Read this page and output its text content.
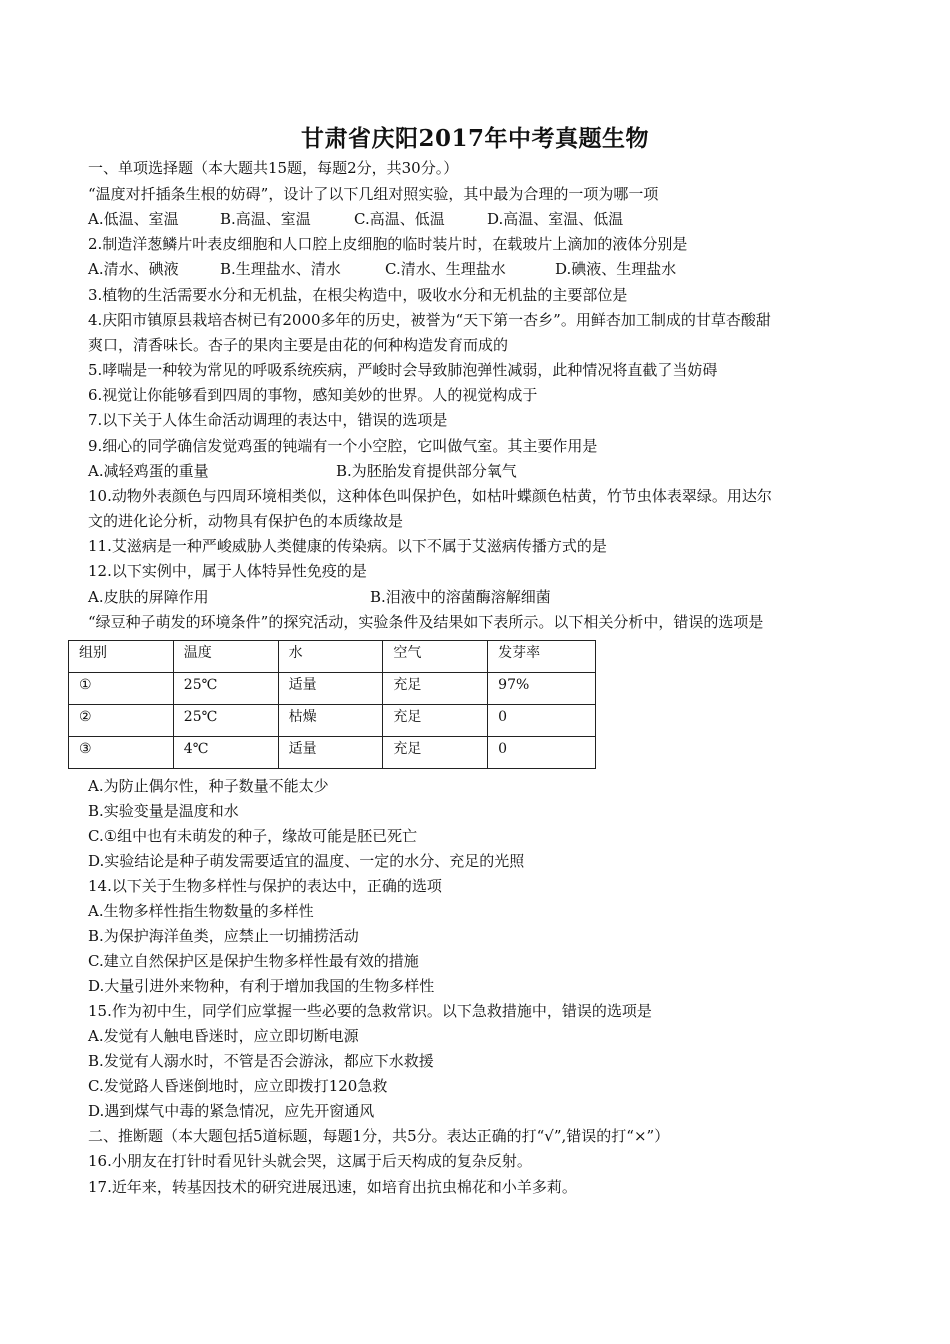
甘肃省庆阳2017年中考真题生物
一、单项选择题（本大题共15题，每题2分，共30分。）
“温度对扦插条生根的妨碍”，设计了以下几组对照实验，其中最为合理的一项为哪一项
A.低温、室温	B.高温、室温	C.高温、低温	D.高温、室温、低温
2.制造洋葱鳞片叶表皮细胞和人口腔上皮细胞的临时装片时，在载玻片上滴加的液体分别是
A.清水、碘液	B.生理盐水、清水	C.清水、生理盐水	D.碘液、生理盐水
3.植物的生活需要水分和无机盐，在根尖构造中，吸收水分和无机盐的主要部位是
4.庆阳市镇原县栽培杏树已有2000多年的历史，被誉为“天下第一杏乡”。用鲜杏加工制成的甘草杏酸甜
爽口，清香味长。杏子的果肉主要是由花的何种构造发育而成的
5.哮喘是一种较为常见的呼吸系统疾病，严峻时会导致肺泡弹性减弱，此种情况将直截了当妨碍
6.视觉让你能够看到四周的事物，感知美妙的世界。人的视觉构成于
7.以下关于人体生命活动调理的表达中，错误的选项是
9.细心的同学确信发觉鸡蛋的钝端有一个小空腔，它叫做气室。其主要作用是
A.减轻鸡蛋的重量	B.为胚胎发育提供部分氧气
10.动物外表颜色与四周环境相类似，这种体色叫保护色，如枯叶蝶颜色枯黄，竹节虫体表翠绿。用达尔
文的进化论分析，动物具有保护色的本质缘故是
11.艾滋病是一种严峻威胁人类健康的传染病。以下不属于艾滋病传播方式的是
12.以下实例中，属于人体特异性免疫的是
A.皮肤的屏障作用	B.泪液中的溶菌酶溶解细菌
“绿豆种子萌发的环境条件”的探究活动，实验条件及结果如下表所示。以下相关分析中，错误的选项是
组别	温度	水	空气	发芽率
①	25℃	适量	充足	97%
②	25℃	枯燥	充足	0
③	4℃	适量	充足	0
A.为防止偶尔性，种子数量不能太少
B.实验变量是温度和水
C.①组中也有未萌发的种子，缘故可能是胚已死亡
D.实验结论是种子萌发需要适宜的温度、一定的水分、充足的光照
14.以下关于生物多样性与保护的表达中，正确的选项
A.生物多样性指生物数量的多样性
B.为保护海洋鱼类，应禁止一切捕捞活动
C.建立自然保护区是保护生物多样性最有效的措施
D.大量引进外来物种，有利于增加我国的生物多样性
15.作为初中生，同学们应掌握一些必要的急救常识。以下急救措施中，错误的选项是
A.发觉有人触电昏迷时，应立即切断电源
B.发觉有人溺水时，不管是否会游泳，都应下水救援
C.发觉路人昏迷倒地时，应立即拨打120急救
D.遇到煤气中毒的紧急情况，应先开窗通风
二、推断题（本大题包括5道标题，每题1分，共5分。表达正确的打“√”,错误的打“×”）
16.小朋友在打针时看见针头就会哭，这属于后天构成的复杂反射。
17.近年来，转基因技术的研究进展迅速，如培育出抗虫棉花和小羊多莉。
